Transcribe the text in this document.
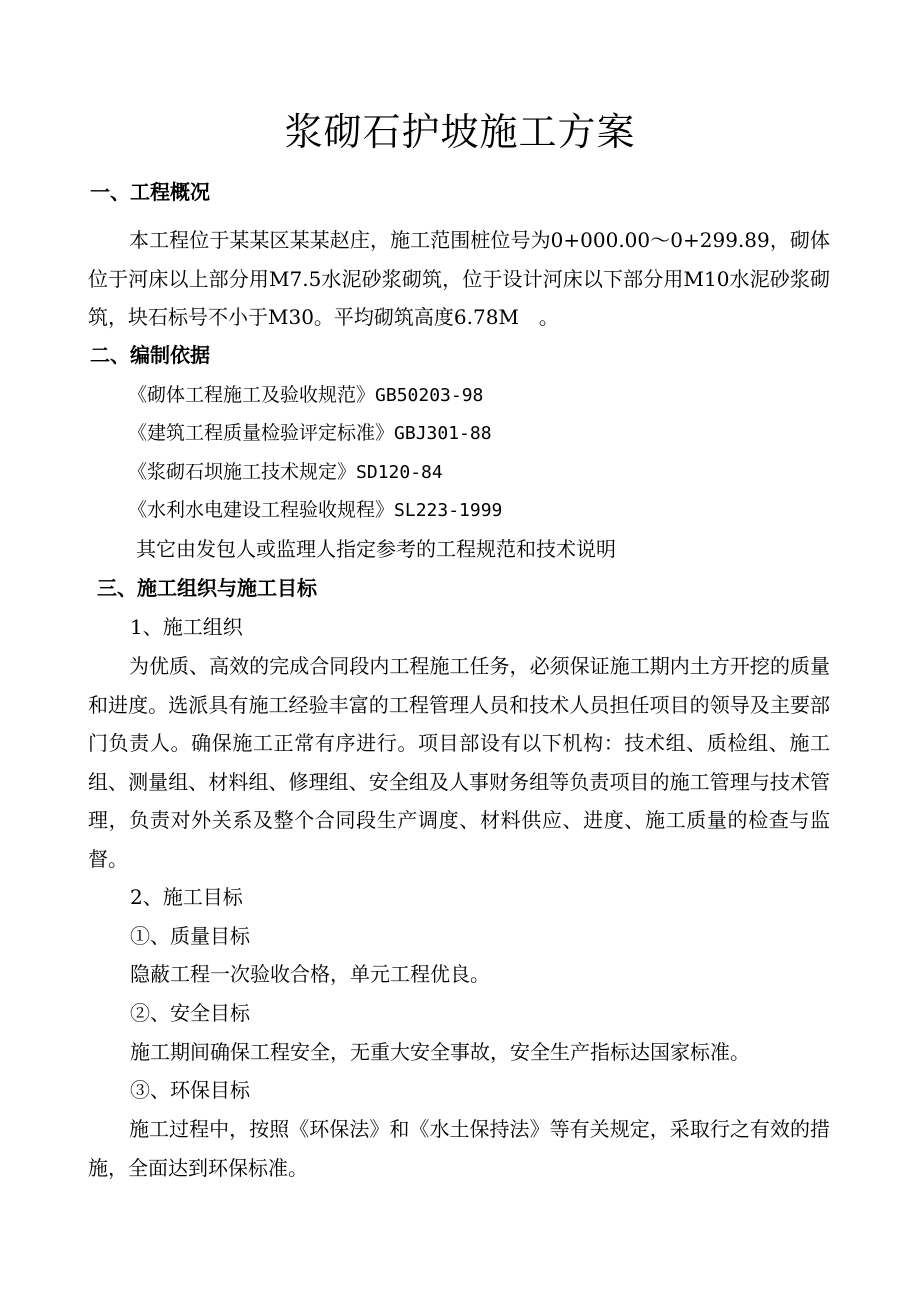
浆砌石护坡施工方案
一、工程概况
本工程位于某某区某某赵庄，施工范围桩位号为0+000.00～0+299.89，砌体位于河床以上部分用M7.5水泥砂浆砌筑，位于设计河床以下部分用M10水泥砂浆砌筑，块石标号不小于M30。平均砌筑高度6.78M　。
二、编制依据
《砌体工程施工及验收规范》GB50203-98
《建筑工程质量检验评定标准》GBJ301-88
《浆砌石坝施工技术规定》SD120-84
《水利水电建设工程验收规程》SL223-1999
其它由发包人或监理人指定参考的工程规范和技术说明
三、施工组织与施工目标
1、施工组织
为优质、高效的完成合同段内工程施工任务，必须保证施工期内土方开挖的质量和进度。选派具有施工经验丰富的工程管理人员和技术人员担任项目的领导及主要部门负责人。确保施工正常有序进行。项目部设有以下机构：技术组、质检组、施工组、测量组、材料组、修理组、安全组及人事财务组等负责项目的施工管理与技术管理，负责对外关系及整个合同段生产调度、材料供应、进度、施工质量的检查与监督。
2、施工目标
①、质量目标
隐蔽工程一次验收合格，单元工程优良。
②、安全目标
施工期间确保工程安全，无重大安全事故，安全生产指标达国家标准。
③、环保目标
施工过程中，按照《环保法》和《水土保持法》等有关规定，采取行之有效的措施，全面达到环保标准。
